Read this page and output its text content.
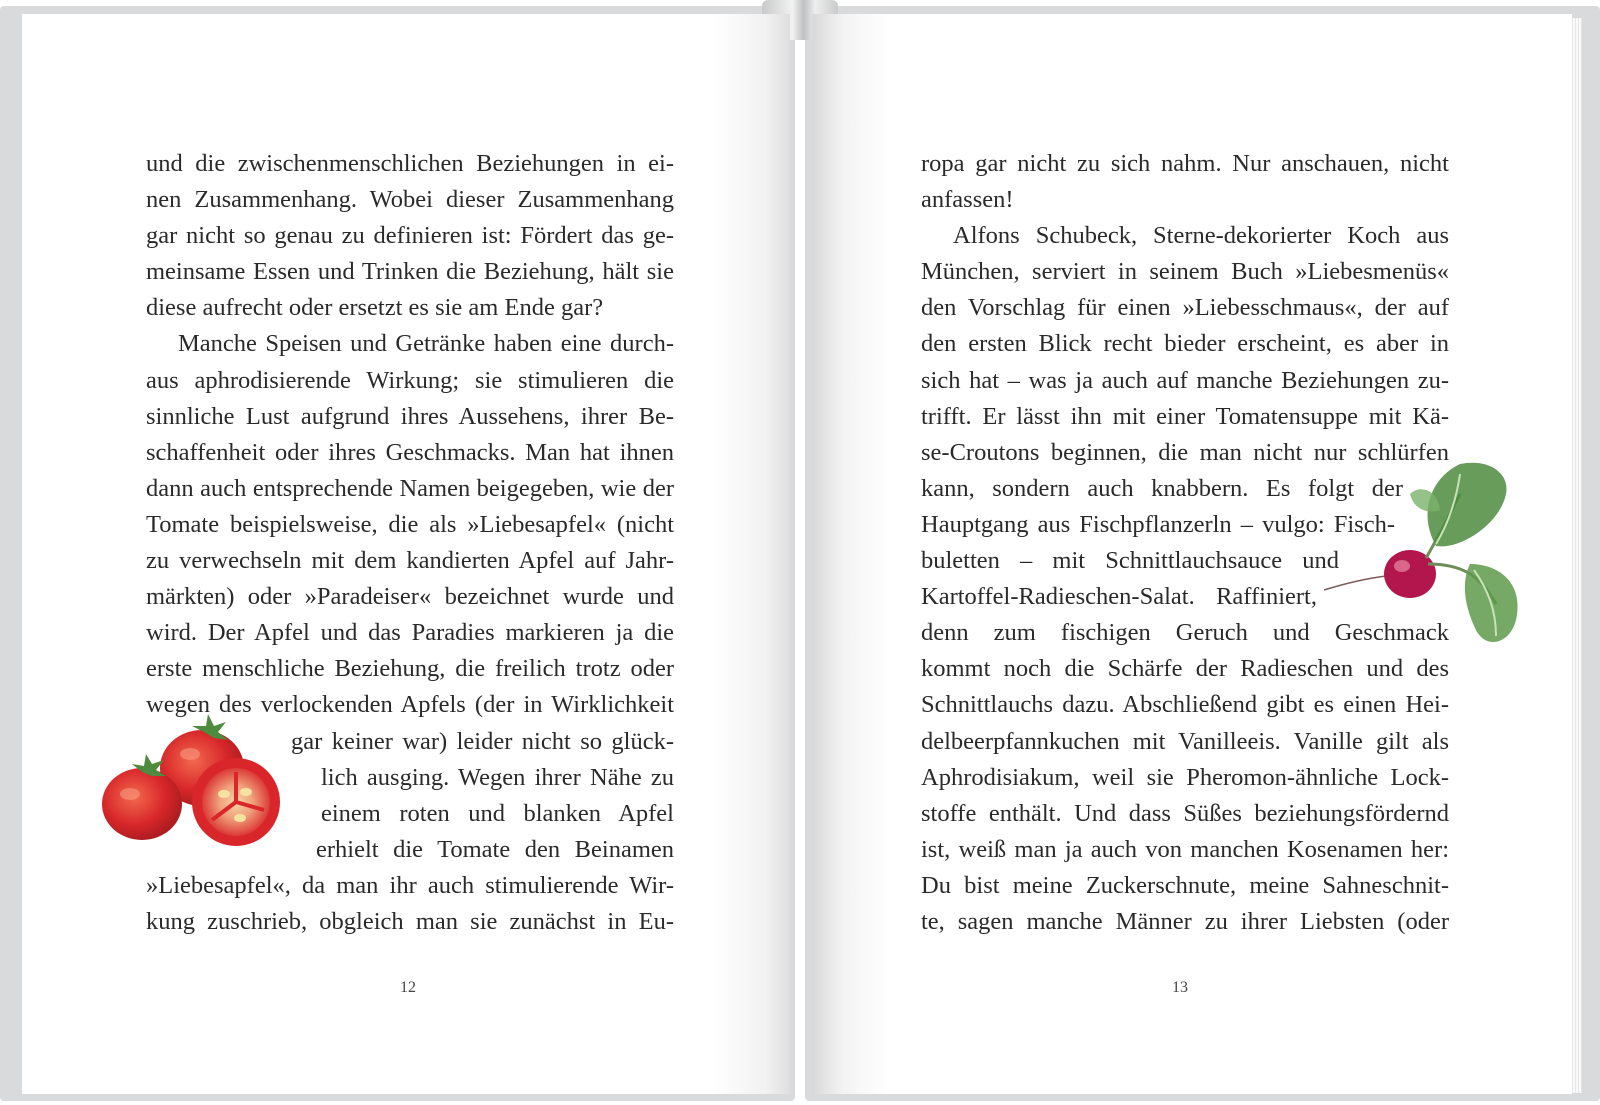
und die zwischenmenschlichen Beziehungen in ei-
nen Zusammenhang. Wobei dieser Zusammenhang
gar nicht so genau zu definieren ist: Fördert das ge-
meinsame Essen und Trinken die Beziehung, hält sie
diese aufrecht oder ersetzt es sie am Ende gar?

Manche Speisen und Getränke haben eine durch-
aus aphrodisierende Wirkung; sie stimulieren die
sinnliche Lust aufgrund ihres Aussehens, ihrer Be-
schaffenheit oder ihres Geschmacks. Man hat ihnen
dann auch entsprechende Namen beigegeben, wie der
Tomate beispielsweise, die als »Liebesapfel« (nicht
zu verwechseln mit dem kandierten Apfel auf Jahr-
märkten) oder »Paradeiser« bezeichnet wurde und
wird. Der Apfel und das Paradies markieren ja die
erste menschliche Beziehung, die freilich trotz oder
wegen des verlockenden Apfels (der in Wirklichkeit
gar keiner war) leider nicht so glück-
lich ausging. Wegen ihrer Nähe zu
einem roten und blanken Apfel
erhielt die Tomate den Beinamen
»Liebesapfel«, da man ihr auch stimulierende Wir-
kung zuschrieb, obgleich man sie zunächst in Eu-

12

ropa gar nicht zu sich nahm. Nur anschauen, nicht
anfassen!

Alfons Schubeck, Sterne-dekorierter Koch aus
München, serviert in seinem Buch »Liebesmenüs«
den Vorschlag für einen »Liebesschmaus«, der auf
den ersten Blick recht bieder erscheint, es aber in
sich hat – was ja auch auf manche Beziehungen zu-
trifft. Er lässt ihn mit einer Tomatensuppe mit Kä-
se-Croutons beginnen, die man nicht nur schlürfen
kann, sondern auch knabbern. Es folgt der
Hauptgang aus Fischpflanzerln – vulgo: Fisch-
buletten – mit Schnittlauchsauce und
Kartoffel-Radieschen-Salat. Raffiniert,
denn zum fischigen Geruch und Geschmack
kommt noch die Schärfe der Radieschen und des
Schnittlauchs dazu. Abschließend gibt es einen Hei-
delbeerpfannkuchen mit Vanilleeis. Vanille gilt als
Aphrodisiakum, weil sie Pheromon-ähnliche Lock-
stoffe enthält. Und dass Süßes beziehungsfördernd
ist, weiß man ja auch von manchen Kosenamen her:
Du bist meine Zuckerschnute, meine Sahneschnit-
te, sagen manche Männer zu ihrer Liebsten (oder

13
